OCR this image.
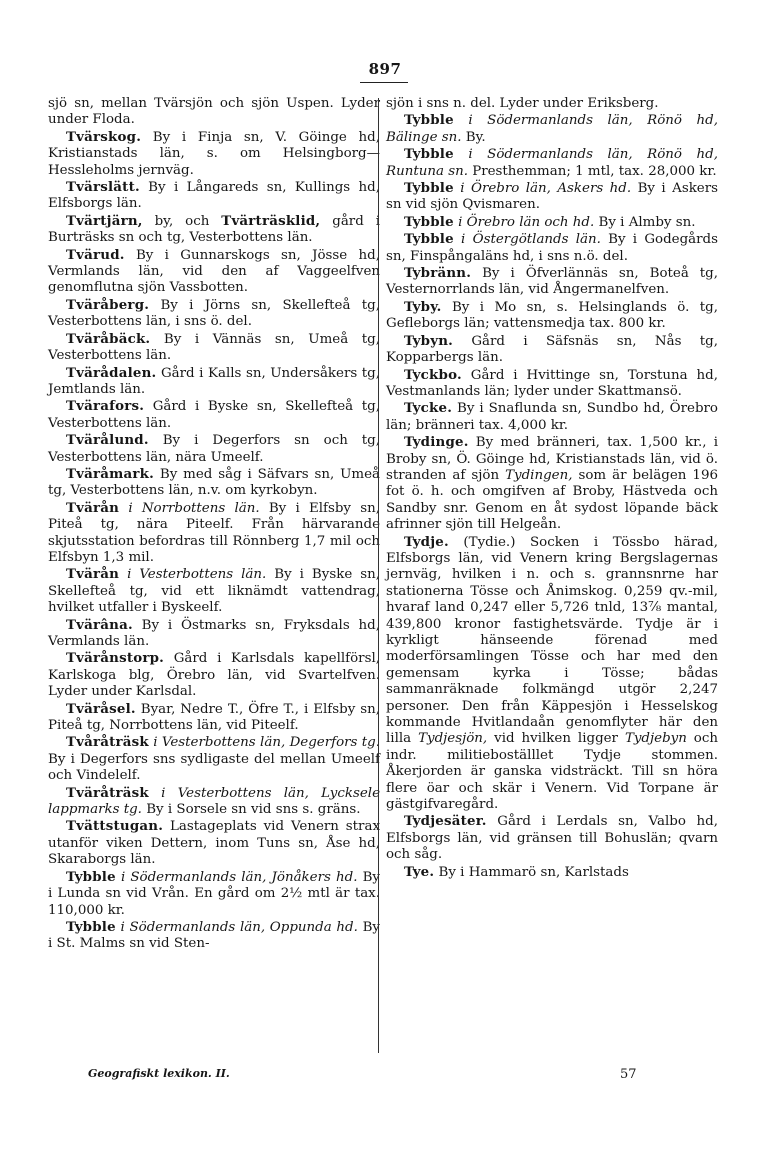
897

sjö sn, mellan Tvärsjön och sjön Uspen. Lyder under Floda.

Tvärskog. By i Finja sn, V. Göinge hd, Kristianstads län, s. om Helsingborg—Hessleholms jernväg.

Tvärslätt. By i Långareds sn, Kullings hd, Elfsborgs län.

Tvärtjärn, by, och Tvärträsklid, gård i Burträsks sn och tg, Vesterbottens län.

Tvärud. By i Gunnarskogs sn, Jösse hd, Vermlands län, vid den af Vaggeelfven genomflutna sjön Vassbotten.

Tväråberg. By i Jörns sn, Skellefteå tg, Vesterbottens län, i sns ö. del.

Tväråbäck. By i Vännäs sn, Umeå tg, Vesterbottens län.

Tvärådalen. Gård i Kalls sn, Undersåkers tg, Jemtlands län.

Tvärafors. Gård i Byske sn, Skellefteå tg, Vesterbottens län.

Tvärålund. By i Degerfors sn och tg, Vesterbottens län, nära Umeelf.

Tväråmark. By med såg i Säfvars sn, Umeå tg, Vesterbottens län, n.v. om kyrkobyn.

Tvärån i Norrbottens län. By i Elfsby sn, Piteå tg, nära Piteelf. Från härvarande skjutsstation befordras till Rönnberg 1,7 mil och Elfsbyn 1,3 mil.

Tvärån i Vesterbottens län. By i Byske sn, Skellefteå tg, vid ett liknämdt vattendrag, hvilket utfaller i Byskeelf.

Tvärâna. By i Östmarks sn, Fryksdals hd, Vermlands län.

Tvärånstorp. Gård i Karlsdals kapellförsl, Karlskoga blg, Örebro län, vid Svartelfven. Lyder under Karlsdal.

Tväråsel. Byar, Nedre T., Öfre T., i Elfsby sn, Piteå tg, Norrbottens län, vid Piteelf.

Tvåråträsk i Vesterbottens län, Degerfors tg. By i Degerfors sns sydligaste del mellan Umeelf och Vindelelf.

Tväråträsk i Vesterbottens län, Lycksele lappmarks tg. By i Sorsele sn vid sns s. gräns.

Tvättstugan. Lastageplats vid Venern strax utanför viken Dettern, inom Tuns sn, Åse hd, Skaraborgs län.

Tybble i Södermanlands län, Jönåkers hd. By i Lunda sn vid Vrån. En gård om 2½ mtl är tax. 110,000 kr.

Tybble i Södermanlands län, Oppunda hd. By i St. Malms sn vid Sten-

sjön i sns n. del. Lyder under Eriksberg.

Tybble i Södermanlands län, Rönö hd, Bälinge sn. By.

Tybble i Södermanlands län, Rönö hd, Runtuna sn. Presthemman; 1 mtl, tax. 28,000 kr.

Tybble i Örebro län, Askers hd. By i Askers sn vid sjön Qvismaren.

Tybble i Örebro län och hd. By i Almby sn.

Tybble i Östergötlands län. By i Godegårds sn, Finspångaläns hd, i sns n.ö. del.

Tybränn. By i Öfverlännäs sn, Boteå tg, Vesternorrlands län, vid Ångermanelfven.

Tyby. By i Mo sn, s. Helsinglands ö. tg, Gefleborgs län; vattensmedja tax. 800 kr.

Tybyn. Gård i Säfsnäs sn, Nås tg, Kopparbergs län.

Tyckbo. Gård i Hvittinge sn, Torstuna hd, Vestmanlands län; lyder under Skattmansö.

Tycke. By i Snaflunda sn, Sundbo hd, Örebro län; bränneri tax. 4,000 kr.

Tydinge. By med bränneri, tax. 1,500 kr., i Broby sn, Ö. Göinge hd, Kristianstads län, vid ö. stranden af sjön Tydingen, som är belägen 196 fot ö. h. och omgifven af Broby, Hästveda och Sandby snr. Genom en åt sydost löpande bäck afrinner sjön till Helgeån.

Tydje. (Tydie.) Socken i Tössbo härad, Elfsborgs län, vid Venern kring Bergslagernas jernväg, hvilken i n. och s. grannsnrne har stationerna Tösse och Ånimskog. 0,259 qv.-mil, hvaraf land 0,247 eller 5,726 tnld, 13⅞ mantal, 439,800 kronor fastighetsvärde. Tydje är i kyrkligt hänseende förenad med moderförsamlingen Tösse och har med den gemensam kyrka i Tösse; bådas sammanräknade folkmängd utgör 2,247 personer. Den från Käppesjön i Hesselskog kommande Hvitlandaån genomflyter här den lilla Tydjesjön, vid hvilken ligger Tydjebyn och indr. militieboställlet Tydje stommen. Åkerjorden är ganska vidsträckt. Till sn höra flere öar och skär i Venern. Vid Torpane är gästgifvaregård.

Tydjesäter. Gård i Lerdals sn, Valbo hd, Elfsborgs län, vid gränsen till Bohuslän; qvarn och såg.

Tye. By i Hammarö sn, Karlstads

Geografiskt lexikon. II.	57
